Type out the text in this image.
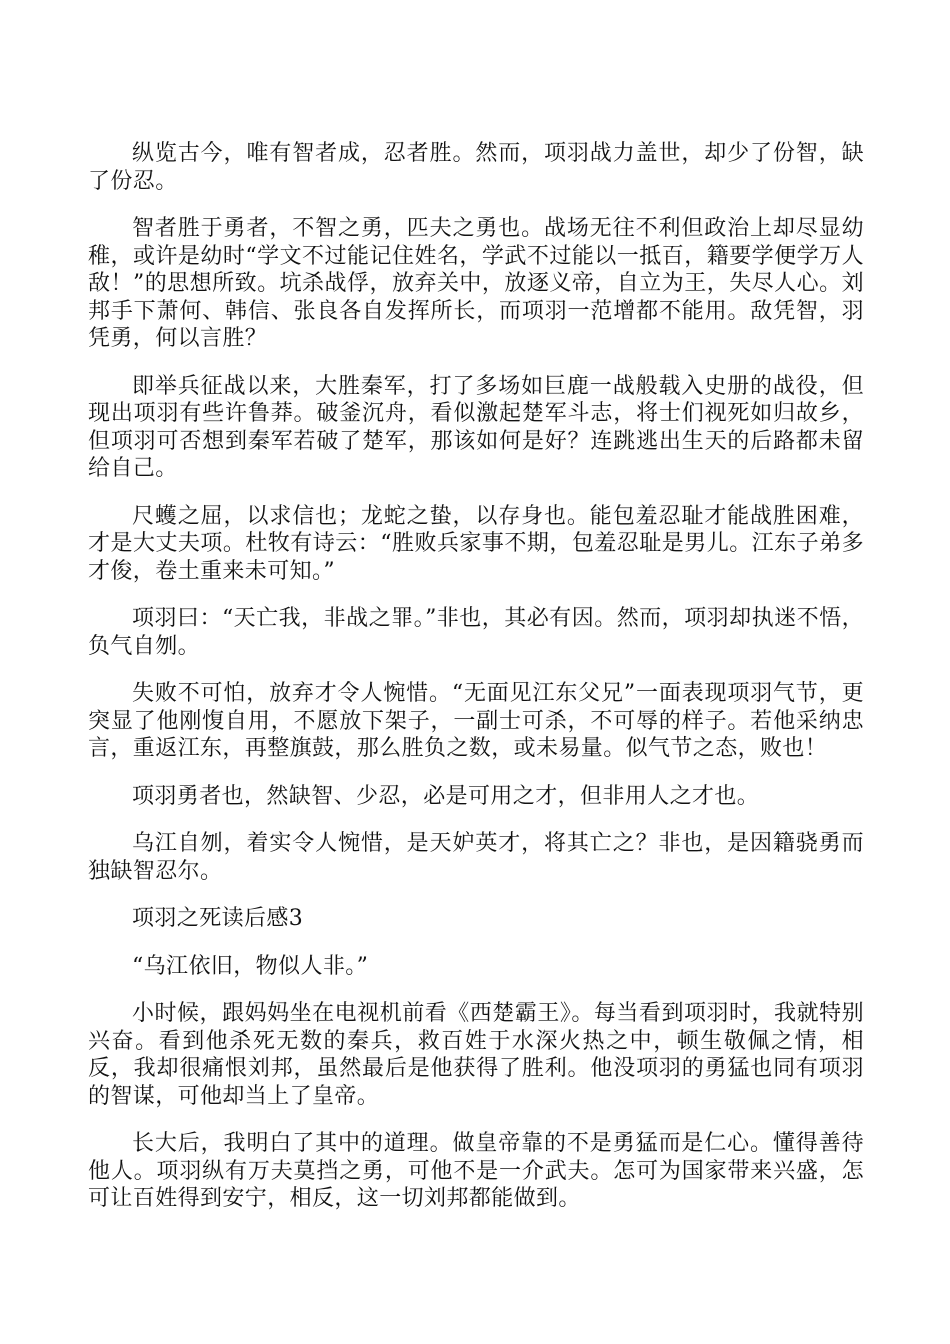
纵览古今，唯有智者成，忍者胜。然而，项羽战力盖世，却少了份智，缺了份忍。

智者胜于勇者，不智之勇，匹夫之勇也。战场无往不利但政治上却尽显幼稚，或许是幼时“学文不过能记住姓名，学武不过能以一抵百，籍要学便学万人敌！”的思想所致。坑杀战俘，放弃关中，放逐义帝，自立为王，失尽人心。刘邦手下萧何、韩信、张良各自发挥所长，而项羽一范增都不能用。敌凭智，羽凭勇，何以言胜？

即举兵征战以来，大胜秦军，打了多场如巨鹿一战般载入史册的战役，但现出项羽有些许鲁莽。破釜沉舟，看似激起楚军斗志，将士们视死如归故乡，但项羽可否想到秦军若破了楚军，那该如何是好？连跳逃出生天的后路都未留给自己。

尺蠖之屈，以求信也；龙蛇之蛰，以存身也。能包羞忍耻才能战胜困难，才是大丈夫项。杜牧有诗云：“胜败兵家事不期，包羞忍耻是男儿。江东子弟多才俊，卷土重来未可知。”

项羽曰：“天亡我，非战之罪。”非也，其必有因。然而，项羽却执迷不悟，负气自刎。

失败不可怕，放弃才令人惋惜。“无面见江东父兄”一面表现项羽气节，更突显了他刚愎自用，不愿放下架子，一副士可杀，不可辱的样子。若他采纳忠言，重返江东，再整旗鼓，那么胜负之数，或未易量。似气节之态，败也！

项羽勇者也，然缺智、少忍，必是可用之才，但非用人之才也。

乌江自刎，着实令人惋惜，是天妒英才，将其亡之？非也，是因籍骁勇而独缺智忍尔。

项羽之死读后感3

“乌江依旧，物似人非。”

小时候，跟妈妈坐在电视机前看《西楚霸王》。每当看到项羽时，我就特别兴奋。看到他杀死无数的秦兵，救百姓于水深火热之中，顿生敬佩之情，相反，我却很痛恨刘邦，虽然最后是他获得了胜利。他没项羽的勇猛也同有项羽的智谋，可他却当上了皇帝。

长大后，我明白了其中的道理。做皇帝靠的不是勇猛而是仁心。懂得善待他人。项羽纵有万夫莫挡之勇，可他不是一介武夫。怎可为国家带来兴盛，怎可让百姓得到安宁，相反，这一切刘邦都能做到。
